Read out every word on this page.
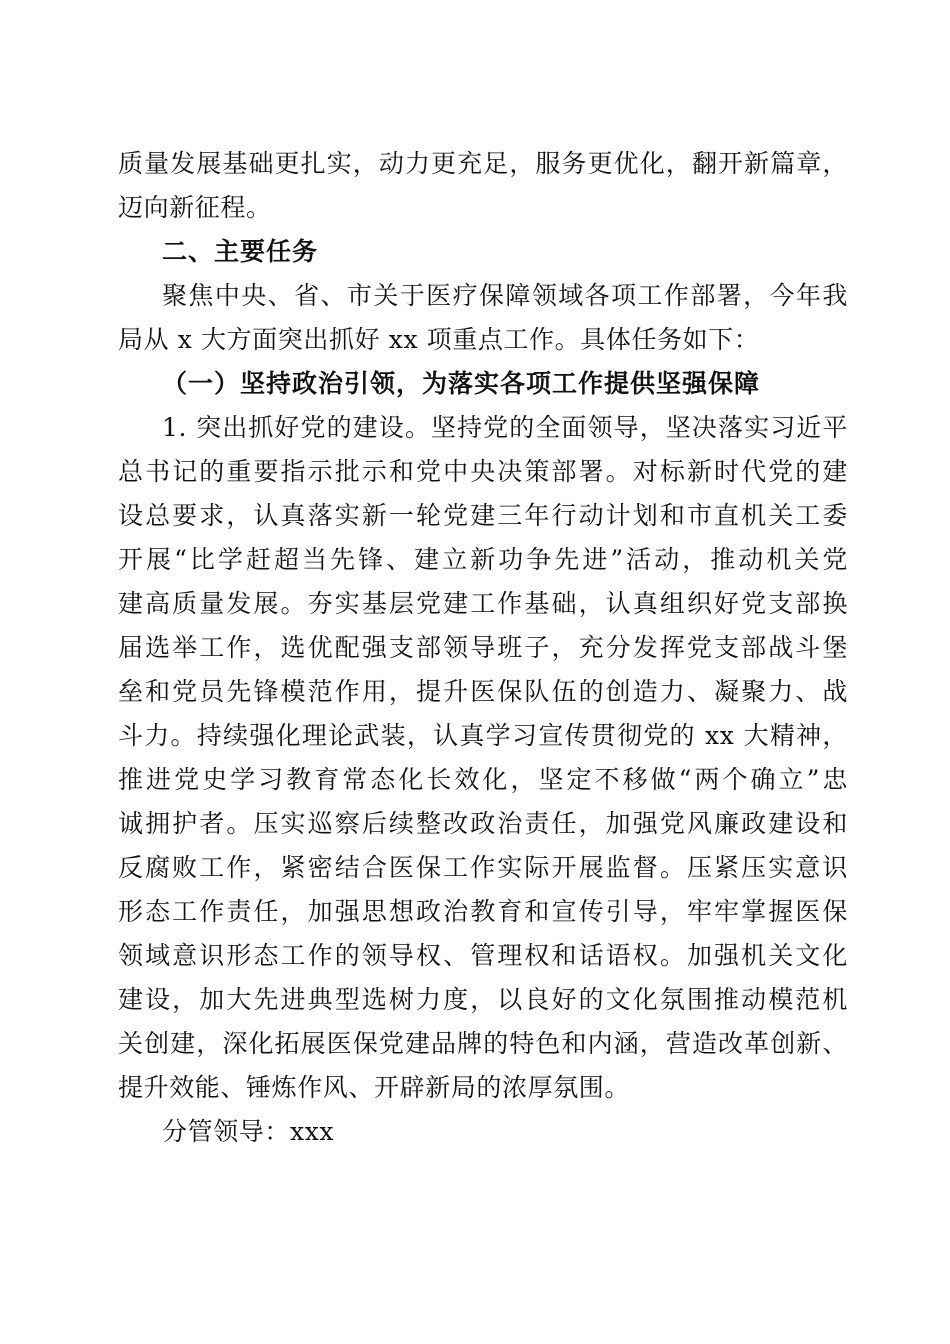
质量发展基础更扎实，动力更充足，服务更优化，翻开新篇章，
迈向新征程。
二、主要任务
聚焦中央、省、市关于医疗保障领域各项工作部署，今年我
局从 x 大方面突出抓好 xx 项重点工作。具体任务如下：
（一）坚持政治引领，为落实各项工作提供坚强保障
1. 突出抓好党的建设。坚持党的全面领导，坚决落实习近平
总书记的重要指示批示和党中央决策部署。对标新时代党的建
设总要求，认真落实新一轮党建三年行动计划和市直机关工委
开展“比学赶超当先锋、建立新功争先进”活动，推动机关党
建高质量发展。夯实基层党建工作基础，认真组织好党支部换
届选举工作，选优配强支部领导班子，充分发挥党支部战斗堡
垒和党员先锋模范作用，提升医保队伍的创造力、凝聚力、战
斗力。持续强化理论武装，认真学习宣传贯彻党的 xx 大精神，
推进党史学习教育常态化长效化，坚定不移做“两个确立”忠
诚拥护者。压实巡察后续整改政治责任，加强党风廉政建设和
反腐败工作，紧密结合医保工作实际开展监督。压紧压实意识
形态工作责任，加强思想政治教育和宣传引导，牢牢掌握医保
领域意识形态工作的领导权、管理权和话语权。加强机关文化
建设，加大先进典型选树力度，以良好的文化氛围推动模范机
关创建，深化拓展医保党建品牌的特色和内涵，营造改革创新、
提升效能、锤炼作风、开辟新局的浓厚氛围。
分管领导：xxx
